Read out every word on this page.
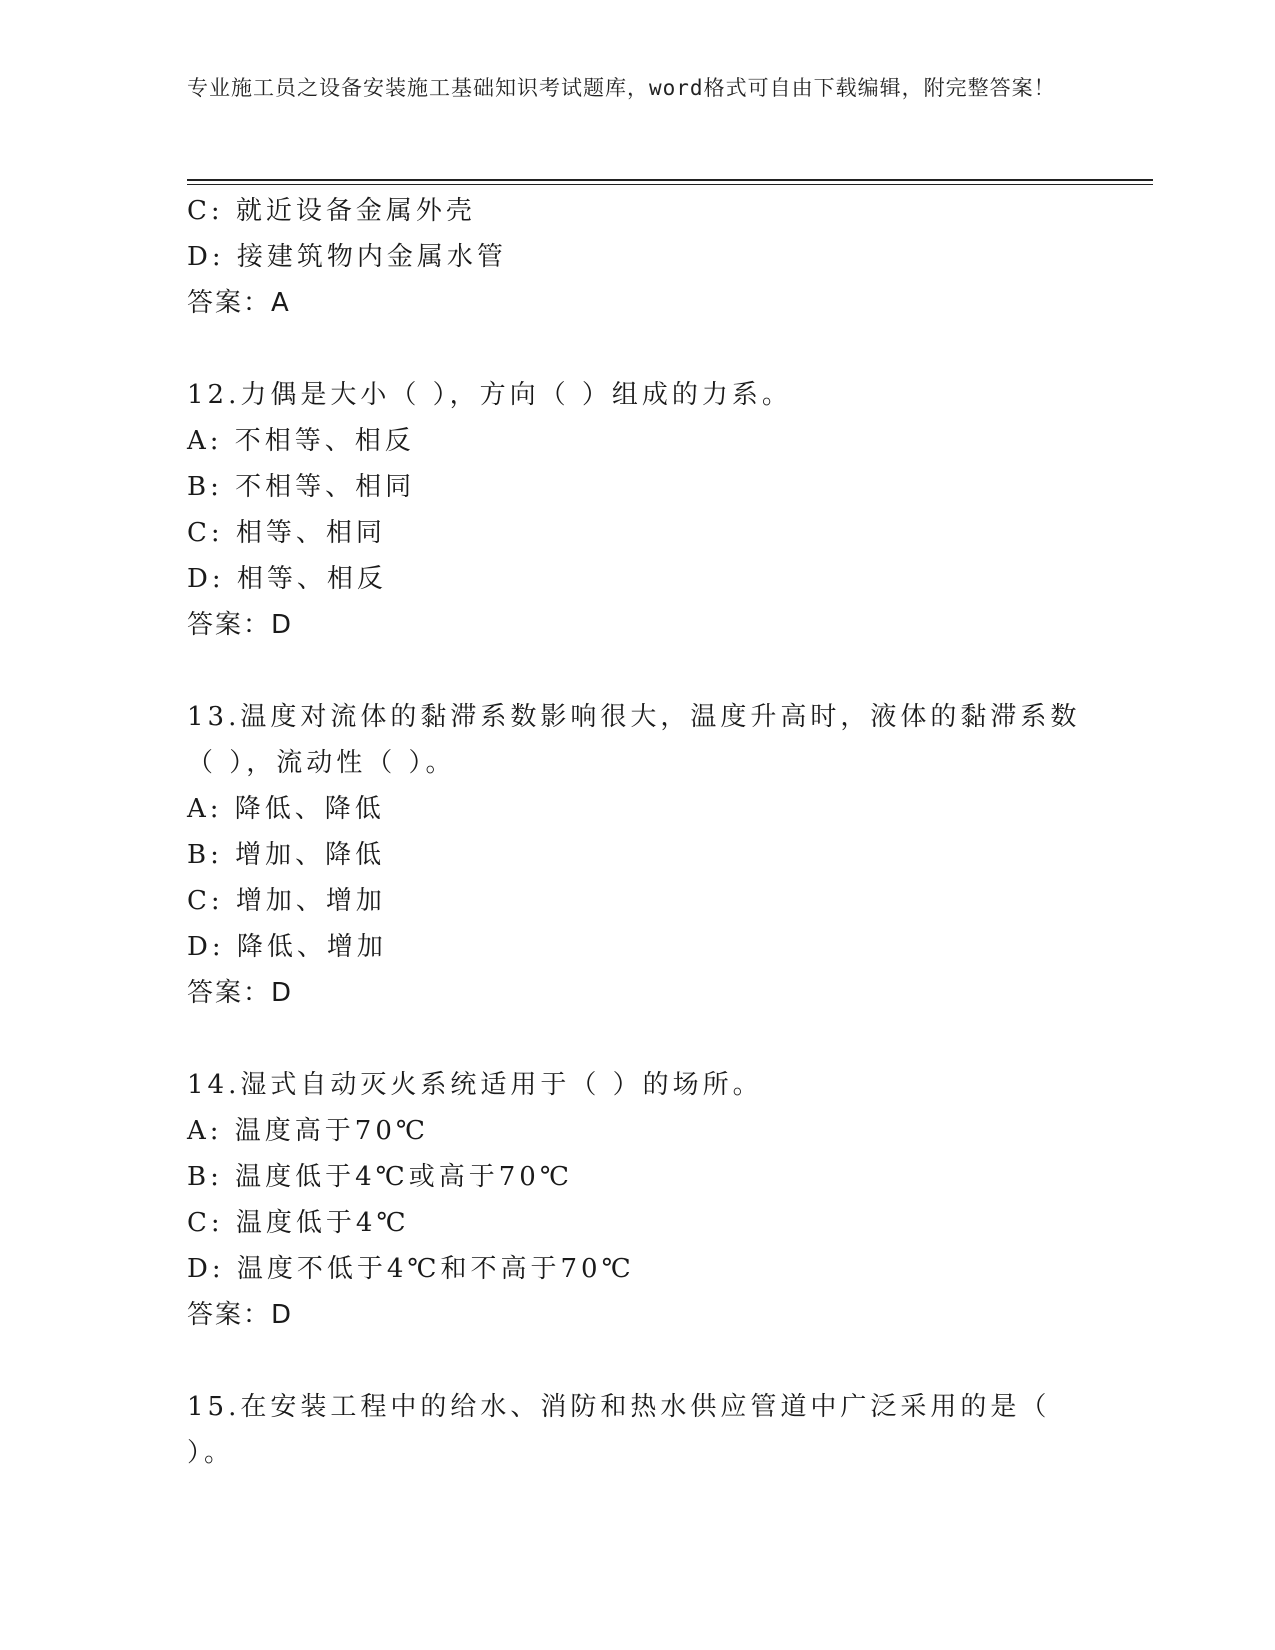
专业施工员之设备安装施工基础知识考试题库，word格式可自由下载编辑，附完整答案！
C: 就近设备金属外壳
D: 接建筑物内金属水管
答案：A
12.力偶是大小（ ），方向（ ）组成的力系。
A: 不相等、相反
B: 不相等、相同
C: 相等、相同
D: 相等、相反
答案：D
13.温度对流体的黏滞系数影响很大，温度升高时，液体的黏滞系数（ ），流动性（ ）。
A: 降低、降低
B: 增加、降低
C: 增加、增加
D: 降低、增加
答案：D
14.湿式自动灭火系统适用于（ ）的场所。
A: 温度高于70℃
B: 温度低于4℃或高于70℃
C: 温度低于4℃
D: 温度不低于4℃和不高于70℃
答案：D
15.在安装工程中的给水、消防和热水供应管道中广泛采用的是（ ）。
